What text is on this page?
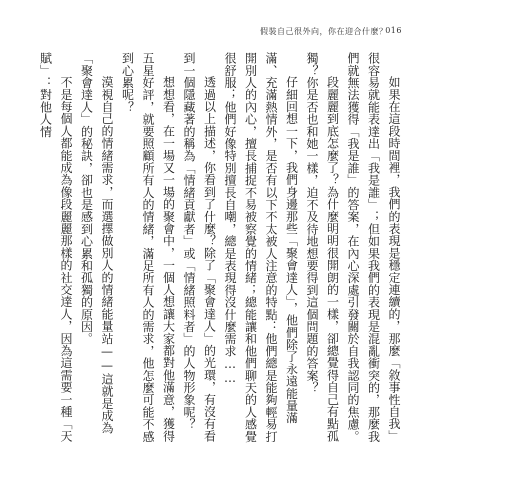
假裝自己很外向，你在迎合什麼？
016

如果在這段時間裡，我們的表現是穩定連續的，那麼「敘事性自我」很容易就能表達出「我是誰」；但如果我們的表現是混亂衝突的，那麼我們就無法獲得「我是誰」的答案，在內心深處引發關於自我認同的焦慮。

段麗麗到底怎麼了？為什麼明明很開朗的一樣，卻總覺得自己有點孤獨？你是否也和她一樣，迫不及待地想要得到這個問題的答案？

仔細回想一下，我們身邊那些「聚會達人」，他們除了永遠能量滿滿、充滿熱情外，是否有以下不太被人注意的特點：他們總是能夠輕易打開別人的內心，擅長捕捉不易被察覺的情緒；總能讓和他們聊天的人感覺很舒服；他們好像特別擅長自嘲，總是表現得沒什麼需求……

透過以上描述，你看到了什麼？除了「聚會達人」的光環，有沒有看到一個隱藏著的稱為「情緒貢獻者」或「情緒照料者」的人物形象呢？

想想看，在一場又一場的聚會中，一個人想讓大家都對他滿意，獲得五星好評，就要照顧所有人的情緒，滿足所有人的需求，他怎麼可能不感到心累呢？

漠視自己的情緒需求，而選擇做別人的情緒能量站——這就是成為「聚會達人」的秘訣，卻也是感到心累和孤獨的原因。

不是每個人都能成為像段麗麗那樣的社交達人，因為這需要一種「天賦」：對他人情
